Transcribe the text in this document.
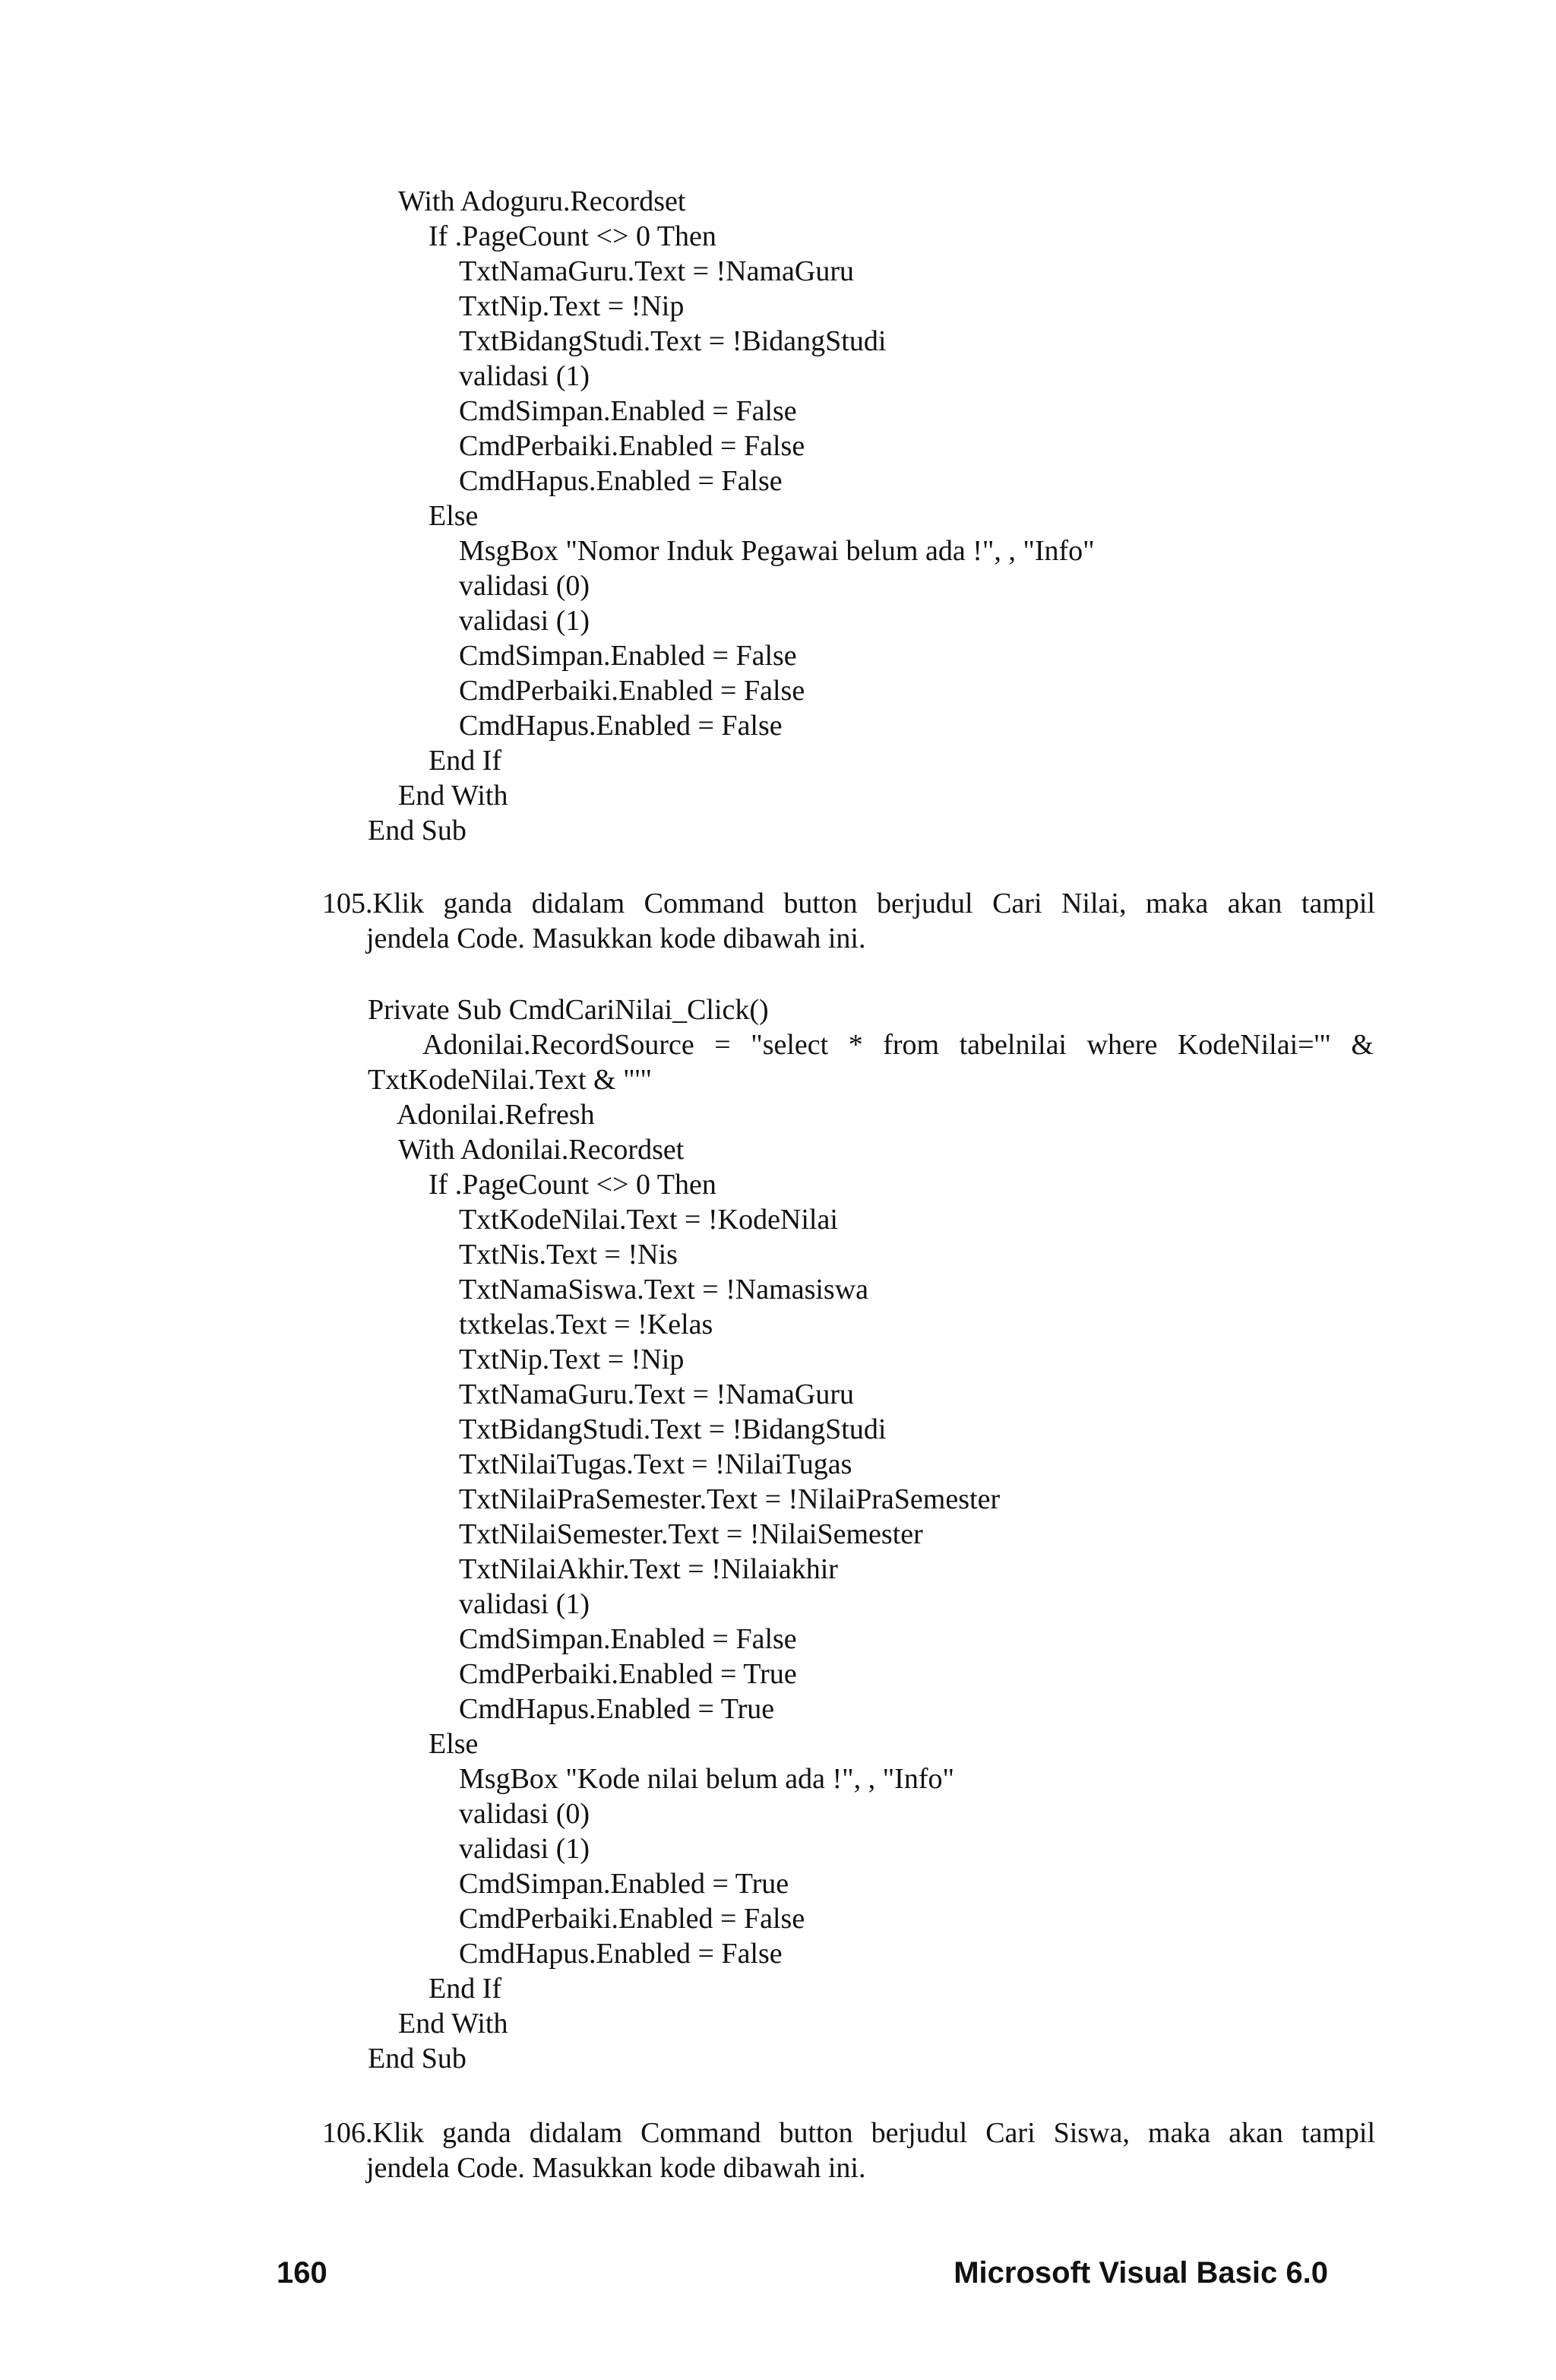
With Adoguru.Recordset
If .PageCount <> 0 Then
TxtNamaGuru.Text = !NamaGuru
TxtNip.Text = !Nip
TxtBidangStudi.Text = !BidangStudi
validasi (1)
CmdSimpan.Enabled = False
CmdPerbaiki.Enabled = False
CmdHapus.Enabled = False
Else
MsgBox "Nomor Induk Pegawai belum ada !", , "Info"
validasi (0)
validasi (1)
CmdSimpan.Enabled = False
CmdPerbaiki.Enabled = False
CmdHapus.Enabled = False
End If
End With
End Sub
105.Klik ganda didalam Command button berjudul Cari Nilai, maka akan tampil
jendela Code. Masukkan kode dibawah ini.
Private Sub CmdCariNilai_Click()
Adonilai.RecordSource = "select * from tabelnilai where KodeNilai='" &
TxtKodeNilai.Text & "'"
Adonilai.Refresh
With Adonilai.Recordset
If .PageCount <> 0 Then
TxtKodeNilai.Text = !KodeNilai
TxtNis.Text = !Nis
TxtNamaSiswa.Text = !Namasiswa
txtkelas.Text = !Kelas
TxtNip.Text = !Nip
TxtNamaGuru.Text = !NamaGuru
TxtBidangStudi.Text = !BidangStudi
TxtNilaiTugas.Text = !NilaiTugas
TxtNilaiPraSemester.Text = !NilaiPraSemester
TxtNilaiSemester.Text = !NilaiSemester
TxtNilaiAkhir.Text = !Nilaiakhir
validasi (1)
CmdSimpan.Enabled = False
CmdPerbaiki.Enabled = True
CmdHapus.Enabled = True
Else
MsgBox "Kode nilai belum ada !", , "Info"
validasi (0)
validasi (1)
CmdSimpan.Enabled = True
CmdPerbaiki.Enabled = False
CmdHapus.Enabled = False
End If
End With
End Sub
106.Klik ganda didalam Command button berjudul Cari Siswa, maka akan tampil
jendela Code. Masukkan kode dibawah ini.
160	Microsoft Visual Basic 6.0
